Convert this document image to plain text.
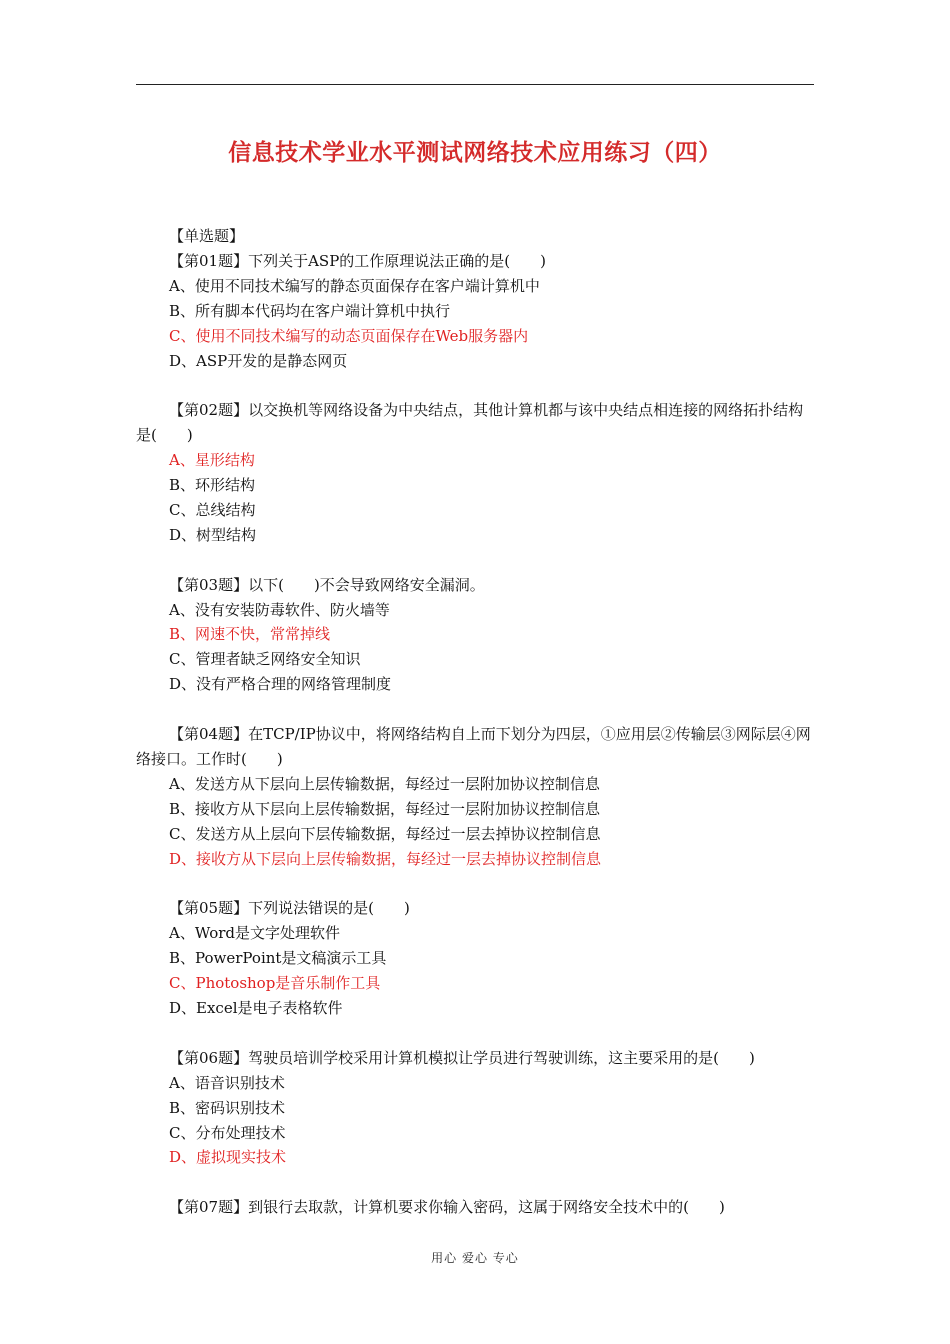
信息技术学业水平测试网络技术应用练习（四）
【单选题】
【第01题】下列关于ASP的工作原理说法正确的是(　　)
A、使用不同技术编写的静态页面保存在客户端计算机中
B、所有脚本代码均在客户端计算机中执行
C、使用不同技术编写的动态页面保存在Web服务器内
D、ASP开发的是静态网页
【第02题】以交换机等网络设备为中央结点，其他计算机都与该中央结点相连接的网络拓扑结构是(　　)
A、星形结构
B、环形结构
C、总线结构
D、树型结构
【第03题】以下(　　)不会导致网络安全漏洞。
A、没有安装防毒软件、防火墙等
B、网速不快，常常掉线
C、管理者缺乏网络安全知识
D、没有严格合理的网络管理制度
【第04题】在TCP/IP协议中，将网络结构自上而下划分为四层，①应用层②传输层③网际层④网络接口。工作时(　　)
A、发送方从下层向上层传输数据，每经过一层附加协议控制信息
B、接收方从下层向上层传输数据，每经过一层附加协议控制信息
C、发送方从上层向下层传输数据，每经过一层去掉协议控制信息
D、接收方从下层向上层传输数据，每经过一层去掉协议控制信息
【第05题】下列说法错误的是(　　)
A、Word是文字处理软件
B、PowerPoint是文稿演示工具
C、Photoshop是音乐制作工具
D、Excel是电子表格软件
【第06题】驾驶员培训学校采用计算机模拟让学员进行驾驶训练，这主要采用的是(　　)
A、语音识别技术
B、密码识别技术
C、分布处理技术
D、虚拟现实技术
【第07题】到银行去取款，计算机要求你输入密码，这属于网络安全技术中的(　　)
用心 爱心 专心
